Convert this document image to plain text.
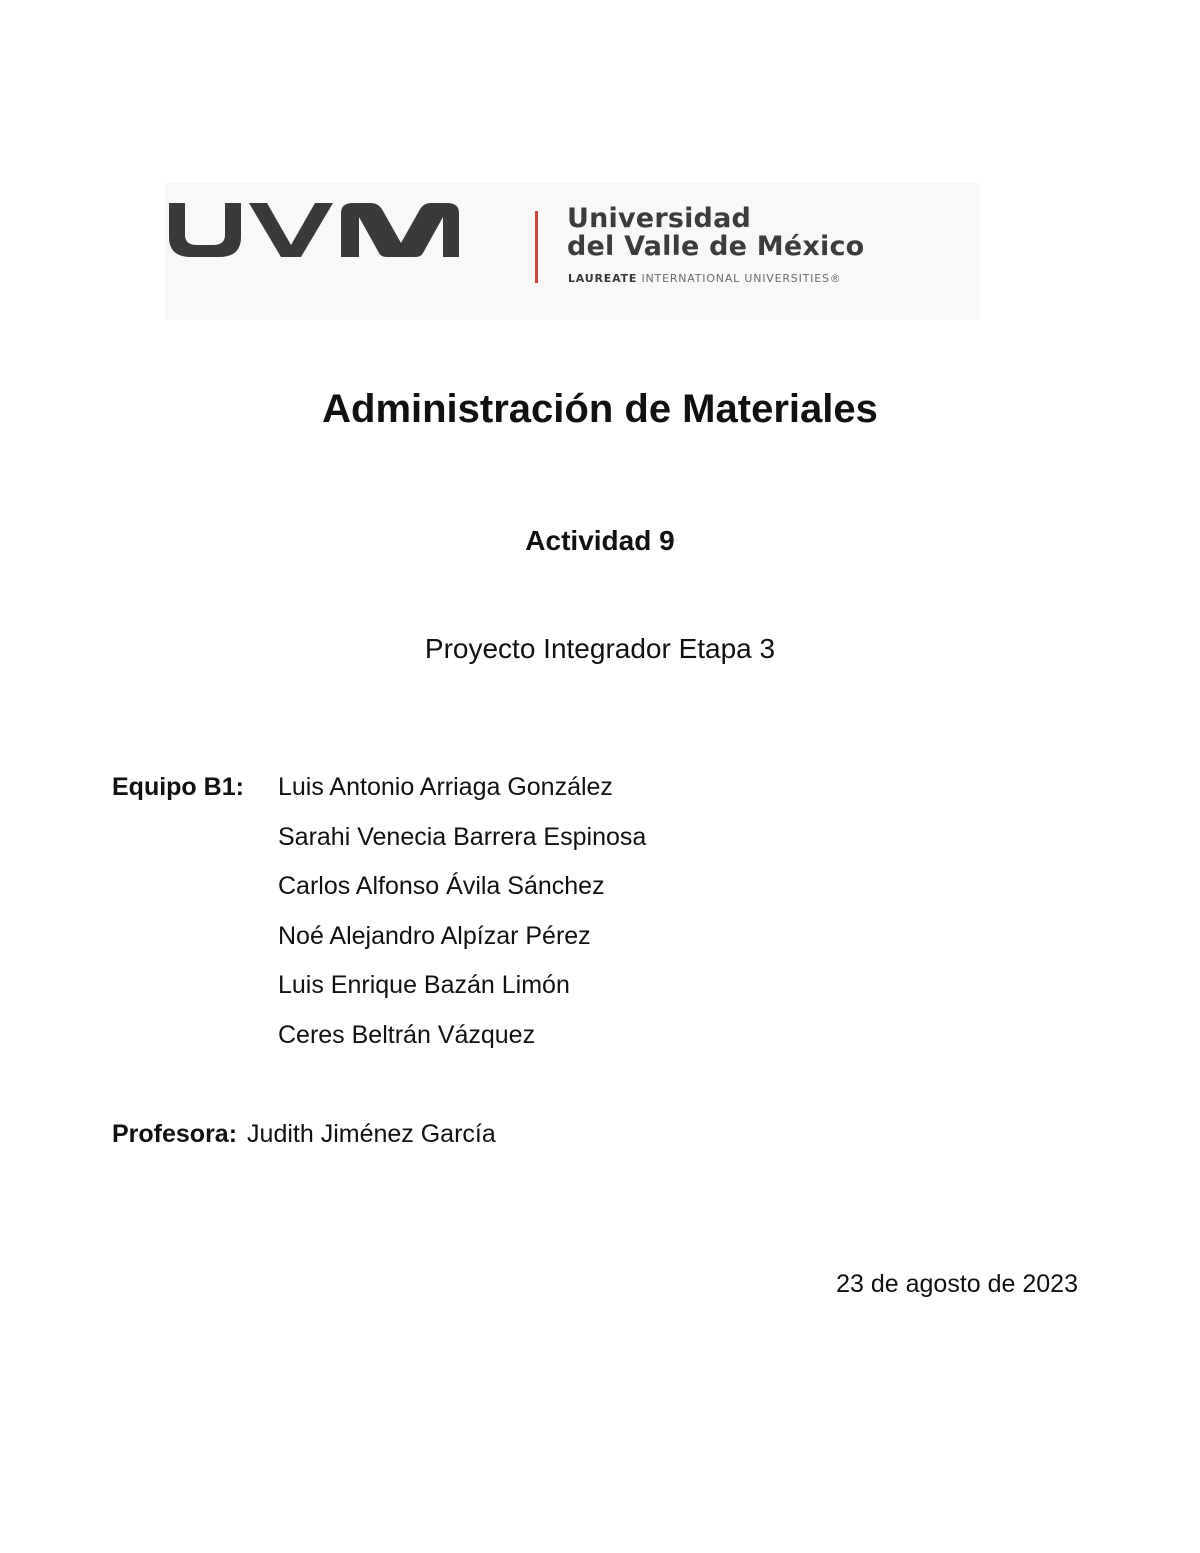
Universidad
del Valle de México
LAUREATE INTERNATIONAL UNIVERSITIES®
Administración de Materiales
Actividad 9
Proyecto Integrador Etapa 3
Equipo B1: Luis Antonio Arriaga González
Sarahi Venecia Barrera Espinosa
Carlos Alfonso Ávila Sánchez
Noé Alejandro Alpízar Pérez
Luis Enrique Bazán Limón
Ceres Beltrán Vázquez
Profesora: Judith Jiménez García
23 de agosto de 2023
